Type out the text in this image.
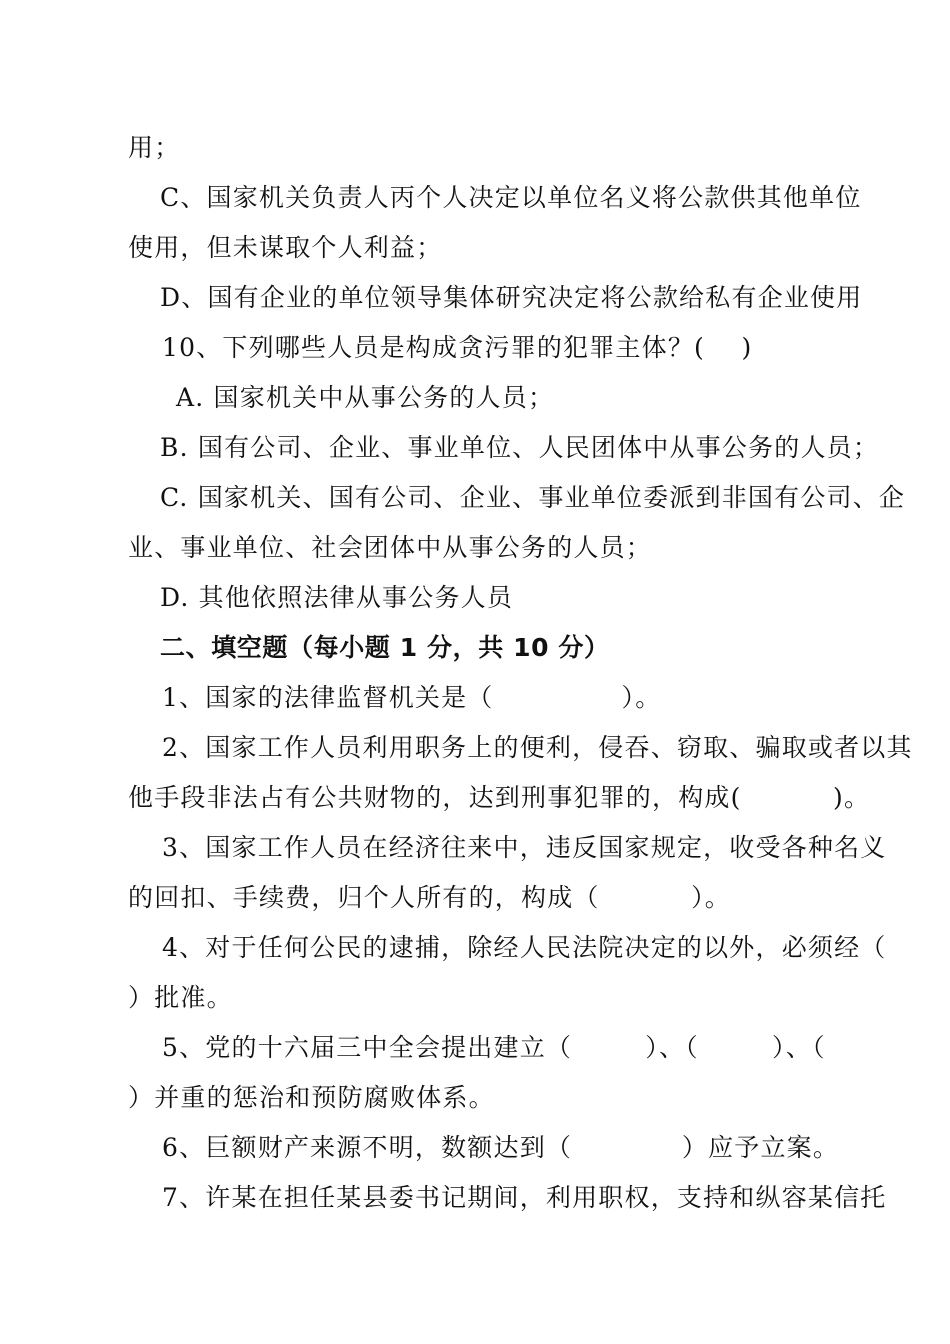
用；
C、国家机关负责人丙个人决定以单位名义将公款供其他单位
使用，但未谋取个人利益；
D、国有企业的单位领导集体研究决定将公款给私有企业使用
10、下列哪些人员是构成贪污罪的犯罪主体？(    )
A. 国家机关中从事公务的人员；
B. 国有公司、企业、事业单位、人民团体中从事公务的人员；
C. 国家机关、国有公司、企业、事业单位委派到非国有公司、企
业、事业单位、社会团体中从事公务的人员；
D. 其他依照法律从事公务人员
二、填空题（每小题 1 分，共 10 分）
1、国家的法律监督机关是（              ）。
2、国家工作人员利用职务上的便利，侵吞、窃取、骗取或者以其
他手段非法占有公共财物的，达到刑事犯罪的，构成(          )。
3、国家工作人员在经济往来中，违反国家规定，收受各种名义
的回扣、手续费，归个人所有的，构成（          ）。
4、对于任何公民的逮捕，除经人民法院决定的以外，必须经（
）批准。
5、党的十六届三中全会提出建立（        ）、（        ）、（
）并重的惩治和预防腐败体系。
6、巨额财产来源不明，数额达到（            ）应予立案。
7、许某在担任某县委书记期间，利用职权，支持和纵容某信托
